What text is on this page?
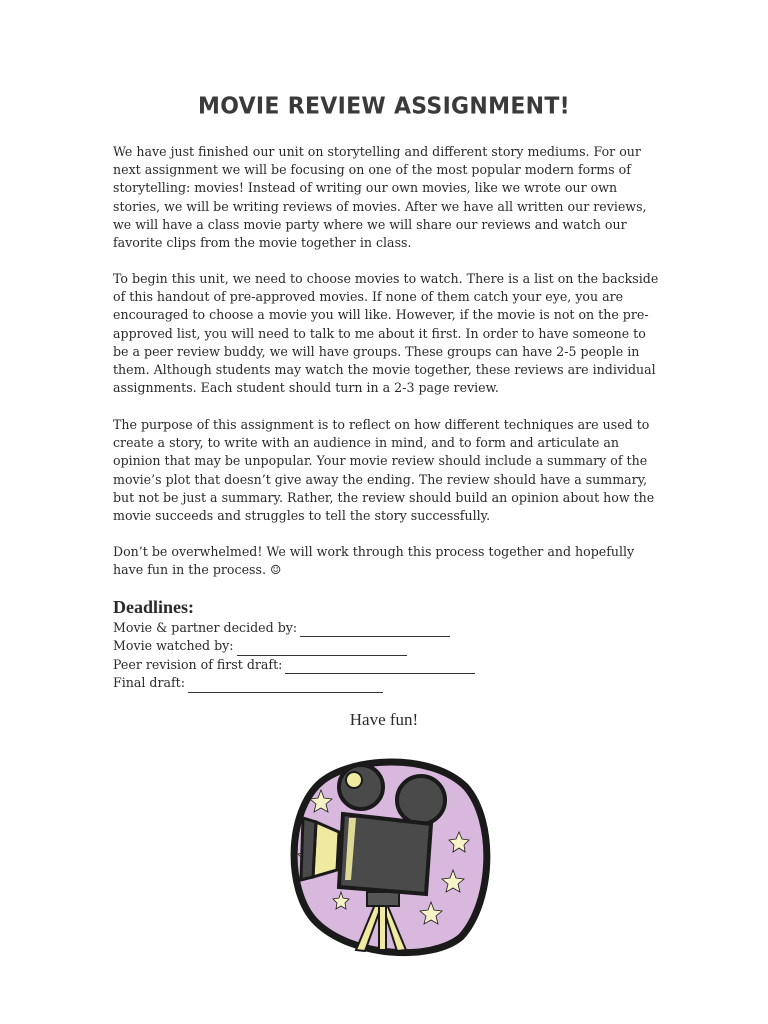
MOVIE REVIEW ASSIGNMENT!

We have just finished our unit on storytelling and different story mediums. For our next assignment we will be focusing on one of the most popular modern forms of storytelling: movies! Instead of writing our own movies, like we wrote our own stories, we will be writing reviews of movies. After we have all written our reviews, we will have a class movie party where we will share our reviews and watch our favorite clips from the movie together in class.

To begin this unit, we need to choose movies to watch. There is a list on the backside of this handout of pre-approved movies. If none of them catch your eye, you are encouraged to choose a movie you will like. However, if the movie is not on the pre-approved list, you will need to talk to me about it first. In order to have someone to be a peer review buddy, we will have groups. These groups can have 2-5 people in them. Although students may watch the movie together, these reviews are individual assignments. Each student should turn in a 2-3 page review.

The purpose of this assignment is to reflect on how different techniques are used to create a story, to write with an audience in mind, and to form and articulate an opinion that may be unpopular. Your movie review should include a summary of the movie’s plot that doesn’t give away the ending. The review should have a summary, but not be just a summary. Rather, the review should build an opinion about how the movie succeeds and struggles to tell the story successfully.

Don’t be overwhelmed! We will work through this process together and hopefully have fun in the process. ☺

Deadlines:
Movie & partner decided by:
Movie watched by:
Peer revision of first draft:
Final draft:
Have fun!
